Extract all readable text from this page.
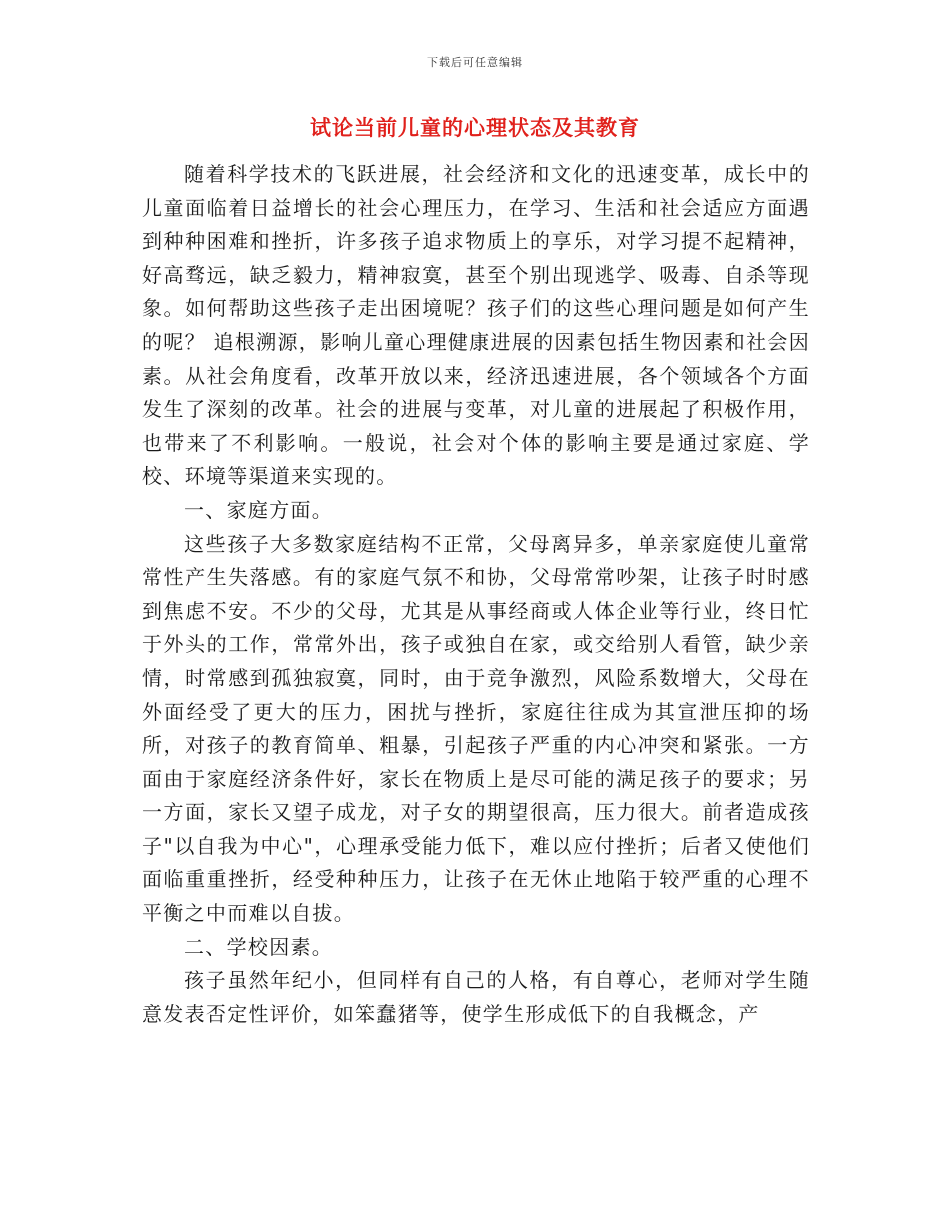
下载后可任意编辑
试论当前儿童的心理状态及其教育

随着科学技术的飞跃进展，社会经济和文化的迅速变革，成长中的儿童面临着日益增长的社会心理压力，在学习、生活和社会适应方面遇到种种困难和挫折，许多孩子追求物质上的享乐，对学习提不起精神，好高骛远，缺乏毅力，精神寂寞，甚至个别出现逃学、吸毒、自杀等现象。如何帮助这些孩子走出困境呢？孩子们的这些心理问题是如何产生的呢？ 追根溯源，影响儿童心理健康进展的因素包括生物因素和社会因素。从社会角度看，改革开放以来，经济迅速进展，各个领域各个方面发生了深刻的改革。社会的进展与变革，对儿童的进展起了积极作用，也带来了不利影响。一般说，社会对个体的影响主要是通过家庭、学校、环境等渠道来实现的。

一、家庭方面。

这些孩子大多数家庭结构不正常，父母离异多，单亲家庭使儿童常常性产生失落感。有的家庭气氛不和协，父母常常吵架，让孩子时时感到焦虑不安。不少的父母，尤其是从事经商或人体企业等行业，终日忙于外头的工作，常常外出，孩子或独自在家，或交给别人看管，缺少亲情，时常感到孤独寂寞，同时，由于竞争激烈，风险系数增大，父母在外面经受了更大的压力，困扰与挫折，家庭往往成为其宣泄压抑的场所，对孩子的教育简单、粗暴，引起孩子严重的内心冲突和紧张。一方面由于家庭经济条件好，家长在物质上是尽可能的满足孩子的要求；另一方面，家长又望子成龙，对子女的期望很高，压力很大。前者造成孩子"以自我为中心"，心理承受能力低下，难以应付挫折；后者又使他们面临重重挫折，经受种种压力，让孩子在无休止地陷于较严重的心理不平衡之中而难以自拔。

二、学校因素。

孩子虽然年纪小，但同样有自己的人格，有自尊心，老师对学生随意发表否定性评价，如笨蠢猪等，使学生形成低下的自我概念，产
